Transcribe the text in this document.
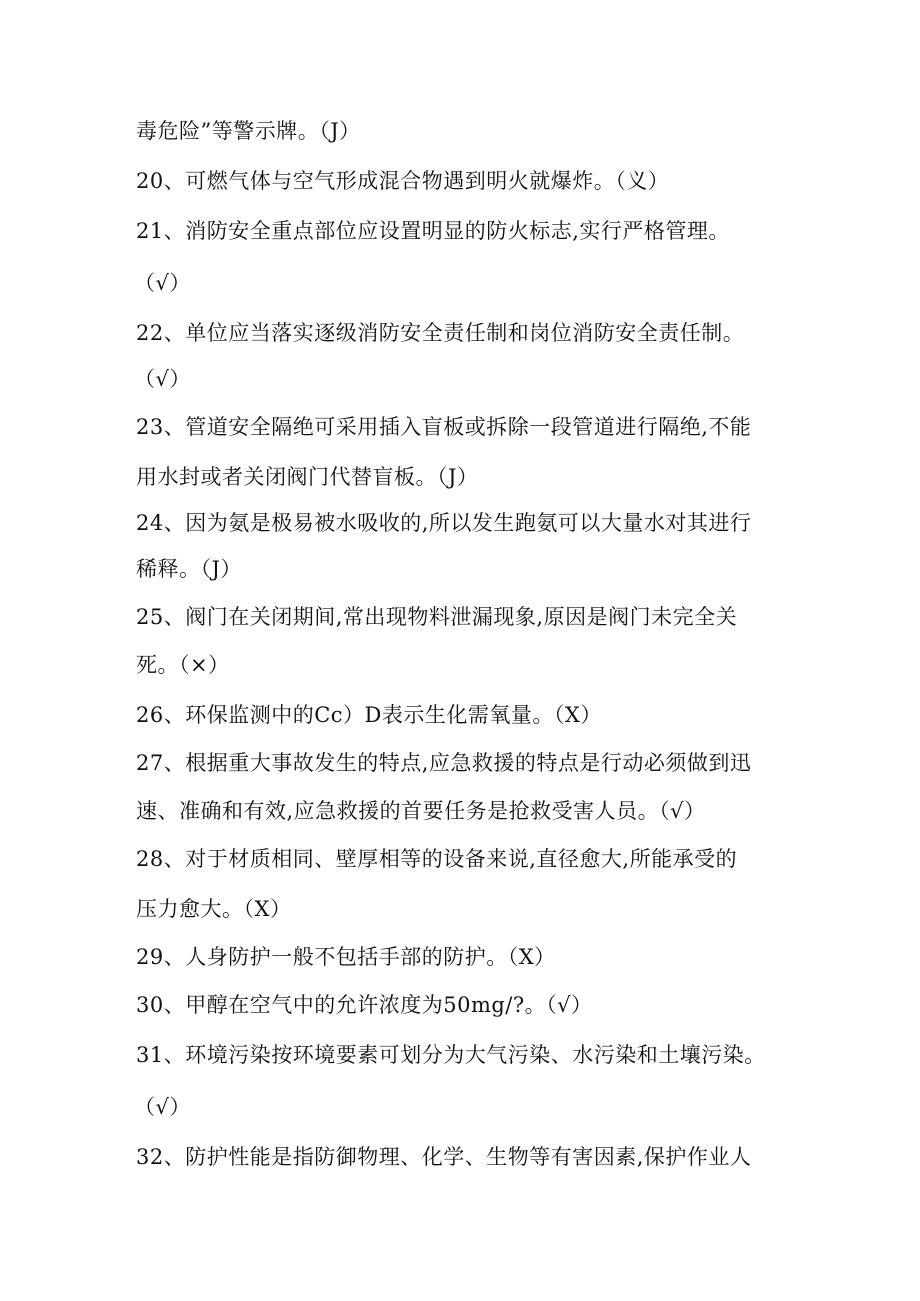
毒危险”等警示牌。（J）
20、可燃气体与空气形成混合物遇到明火就爆炸。（义）
21、消防安全重点部位应设置明显的防火标志,实行严格管理。
（√）
22、单位应当落实逐级消防安全责任制和岗位消防安全责任制。
（√）
23、管道安全隔绝可采用插入盲板或拆除一段管道进行隔绝,不能
用水封或者关闭阀门代替盲板。（J）
24、因为氨是极易被水吸收的,所以发生跑氨可以大量水对其进行
稀释。（J）
25、阀门在关闭期间,常出现物料泄漏现象,原因是阀门未完全关
死。（×）
26、环保监测中的Cc）D表示生化需氧量。（X）
27、根据重大事故发生的特点,应急救援的特点是行动必须做到迅
速、准确和有效,应急救援的首要任务是抢救受害人员。（√）
28、对于材质相同、壁厚相等的设备来说,直径愈大,所能承受的
压力愈大。（X）
29、人身防护一般不包括手部的防护。（X）
30、甲醇在空气中的允许浓度为50mg/?。（√）
31、环境污染按环境要素可划分为大气污染、水污染和土壤污染。
（√）
32、防护性能是指防御物理、化学、生物等有害因素,保护作业人
